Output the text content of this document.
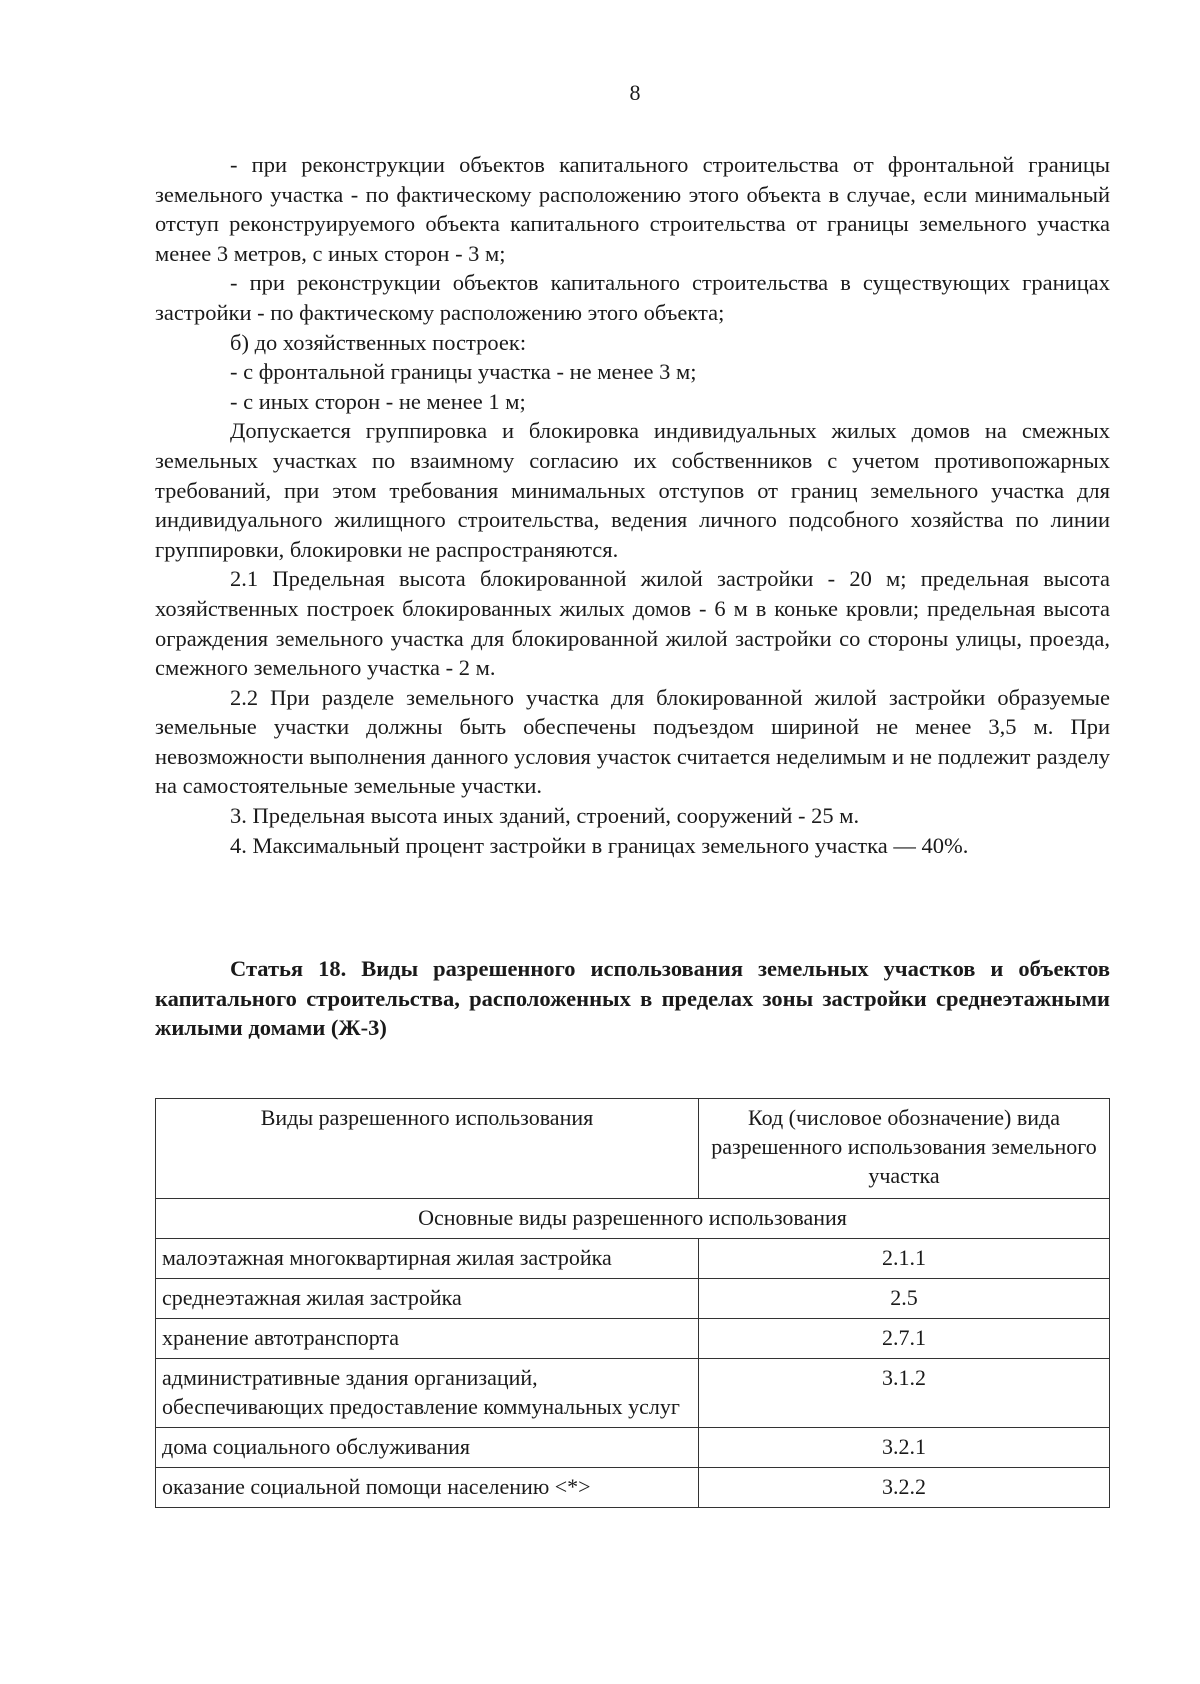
8

- при реконструкции объектов капитального строительства от фронтальной границы земельного участка - по фактическому расположению этого объекта в случае, если минимальный отступ реконструируемого объекта капитального строительства от границы земельного участка менее 3 метров, с иных сторон - 3 м;

- при реконструкции объектов капитального строительства в существующих границах застройки - по фактическому расположению этого объекта;

б) до хозяйственных построек:

- с фронтальной границы участка - не менее 3 м;

- с иных сторон - не менее 1 м;

Допускается группировка и блокировка индивидуальных жилых домов на смежных земельных участках по взаимному согласию их собственников с учетом противопожарных требований, при этом требования минимальных отступов от границ земельного участка для индивидуального жилищного строительства, ведения личного подсобного хозяйства по линии группировки, блокировки не распространяются.

2.1 Предельная высота блокированной жилой застройки - 20 м; предельная высота хозяйственных построек блокированных жилых домов - 6 м в коньке кровли; предельная высота ограждения земельного участка для блокированной жилой застройки со стороны улицы, проезда, смежного земельного участка - 2 м.

2.2 При разделе земельного участка для блокированной жилой застройки образуемые земельные участки должны быть обеспечены подъездом шириной не менее 3,5 м. При невозможности выполнения данного условия участок считается неделимым и не подлежит разделу на самостоятельные земельные участки.

3. Предельная высота иных зданий, строений, сооружений - 25 м.

4. Максимальный процент застройки в границах земельного участка — 40%.

Статья 18. Виды разрешенного использования земельных участков и объектов капитального строительства, расположенных в пределах зоны застройки среднеэтажными жилыми домами (Ж-3)

Виды разрешенного использования	Код (числовое обозначение) вида разрешенного использования земельного участка
Основные виды разрешенного использования	
малоэтажная многоквартирная жилая застройка	2.1.1
среднеэтажная жилая застройка	2.5
хранение автотранспорта	2.7.1
административные здания организаций, обеспечивающих предоставление коммунальных услуг	3.1.2
дома социального обслуживания	3.2.1
оказание социальной помощи населению <*>	3.2.2
